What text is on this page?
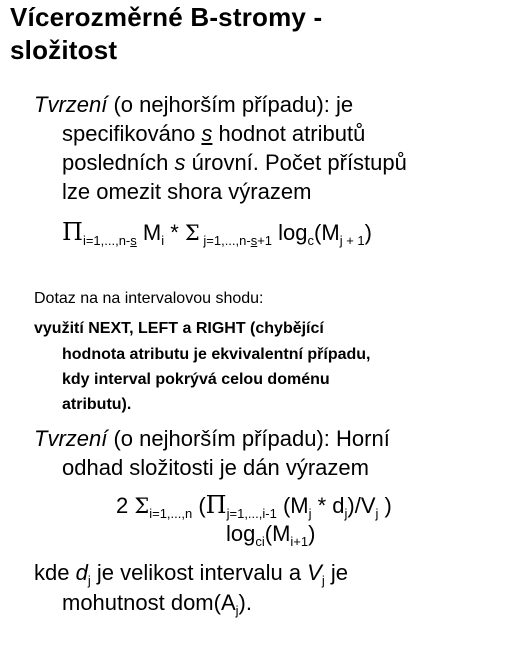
Vícerozměrné B-stromy -
složitost
Tvrzení (o nejhorším případu): je
specifikováno s hodnot atributů
posledních s úrovní. Počet přístupů
lze omezit shora výrazem
$\Pi_{i=1,...,n-s}$ $M_i$ * Σ $_{j=1,...,n-s+1}$ $\log_c(M_{j + 1})$
Dotaz na na intervalovou shodu:
využití NEXT, LEFT a RIGHT (chybějící
hodnota atributu je ekvivalentní případu,
kdy interval pokrývá celou doménu
atributu).
Tvrzení (o nejhorším případu): Horní
odhad složitosti je dán výrazem
2 $\Sigma_{i=1,...,n}$ ($\Pi_{j=1,...,i-1}$ $(M_j * d_j)/V_j$ )
$\log_{ci}(M_{i+1})$
kde $d_j$ je velikost intervalu a $V_j$ je
mohutnost $dom(A_j)$.
